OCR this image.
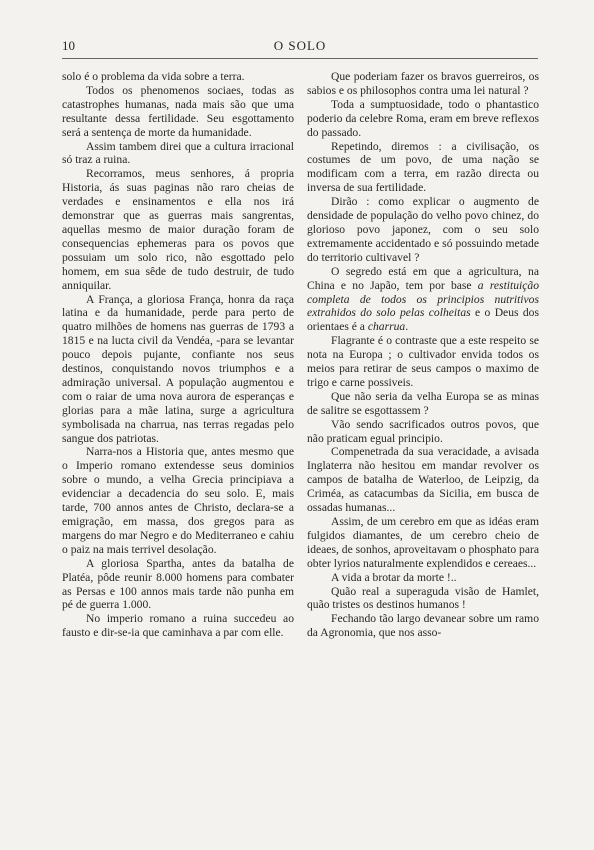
10	O SOLO

solo é o problema da vida sobre a terra.

Todos os phenomenos sociaes, todas as catastrophes humanas, nada mais são que uma resultante dessa fertilidade. Seu esgottamento será a sentença de morte da humanidade.

Assim tambem direi que a cultura irracional só traz a ruina.

Recorramos, meus senhores, á propria Historia, ás suas paginas não raro cheias de verdades e ensinamentos e ella nos irá demonstrar que as guerras mais sangrentas, aquellas mesmo de maior duração foram de consequencias ephemeras para os povos que possuiam um solo rico, não esgottado pelo homem, em sua sêde de tudo destruir, de tudo anniquilar.

A França, a gloriosa França, honra da raça latina e da humanidade, perde para perto de quatro milhões de homens nas guerras de 1793 a 1815 e na lucta civil da Vendéa, -para se levantar pouco depois pujante, confiante nos seus destinos, conquistando novos triumphos e a admiração universal. A população augmentou e com o raiar de uma nova aurora de esperanças e glorias para a mãe latina, surge a agricultura symbolisada na charrua, nas terras regadas pelo sangue dos patriotas.

Narra-nos a Historia que, antes mesmo que o Imperio romano extendesse seus dominios sobre o mundo, a velha Grecia principiava a evidenciar a decadencia do seu solo. E, mais tarde, 700 annos antes de Christo, declara-se a emigração, em massa, dos gregos para as margens do mar Negro e do Mediterraneo e cahiu o paiz na mais terrivel desolação.

A gloriosa Spartha, antes da batalha de Platéa, pôde reunir 8.000 homens para combater as Persas e 100 annos mais tarde não punha em pé de guerra 1.000.

No imperio romano a ruina succedeu ao fausto e dir-se-ia que caminhava a par com elle.

Que poderiam fazer os bravos guerreiros, os sabios e os philosophos contra uma lei natural ?

Toda a sumptuosidade, todo o phantastico poderio da celebre Roma, eram em breve reflexos do passado.

Repetindo, diremos : a civilisação, os costumes de um povo, de uma nação se modificam com a terra, em razão directa ou inversa de sua fertilidade.

Dirão : como explicar o augmento de densidade de população do velho povo chinez, do glorioso povo japonez, com o seu solo extremamente accidentado e só possuindo metade do territorio cultivavel ?

O segredo está em que a agricultura, na China e no Japão, tem por base a restituição completa de todos os principios nutritivos extrahidos do solo pelas colheitas e o Deus dos orientaes é a charrua.

Flagrante é o contraste que a este respeito se nota na Europa ; o cultivador envida todos os meios para retirar de seus campos o maximo de trigo e carne possiveis.

Que não seria da velha Europa se as minas de salitre se esgottassem ?

Vão sendo sacrificados outros povos, que não praticam egual principio.

Compenetrada da sua veracidade, a avisada Inglaterra não hesitou em mandar revolver os campos de batalha de Waterloo, de Leipzig, da Criméa, as catacumbas da Sicilia, em busca de ossadas humanas...

Assim, de um cerebro em que as idéas eram fulgidos diamantes, de um cerebro cheio de ideaes, de sonhos, aproveitavam o phosphato para obter lyrios naturalmente explendidos e cereaes...

A vida a brotar da morte !..

Quão real a superaguda visão de Hamlet, quão tristes os destinos humanos !

Fechando tão largo devanear sobre um ramo da Agronomia, que nos asso-
